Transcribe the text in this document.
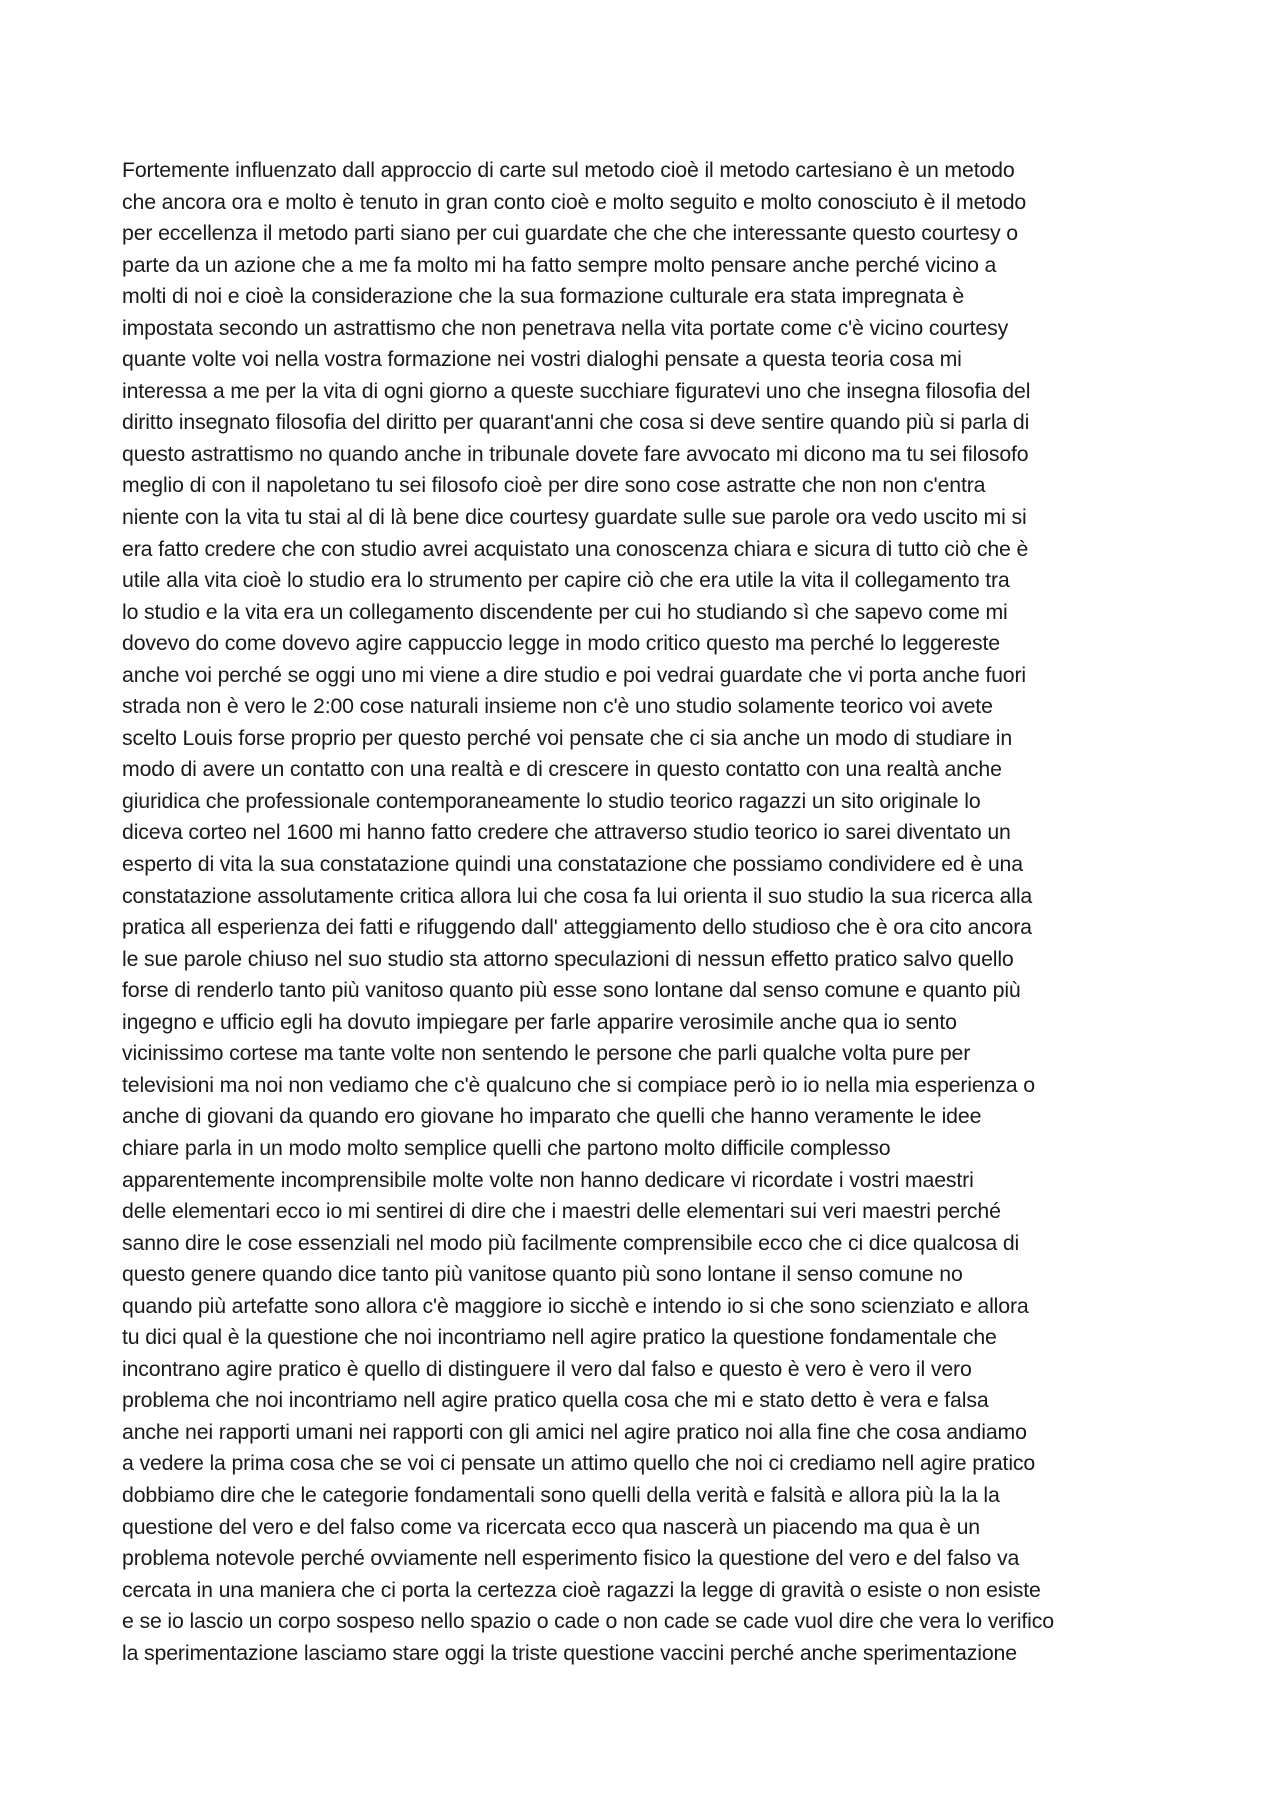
Fortemente influenzato dall approccio di carte sul metodo cioè il metodo cartesiano è un metodo
che ancora ora e molto è tenuto in gran conto cioè e molto seguito e molto conosciuto è il metodo
per eccellenza il metodo parti siano per cui guardate che che che interessante questo courtesy o
parte da un azione che a me fa molto mi ha fatto sempre molto pensare anche perché vicino a
molti di noi e cioè la considerazione che la sua formazione culturale era stata impregnata è
impostata secondo un astrattismo che non penetrava nella vita portate come c'è vicino courtesy
quante volte voi nella vostra formazione nei vostri dialoghi pensate a questa teoria cosa mi
interessa a me per la vita di ogni giorno a queste succhiare figuratevi uno che insegna filosofia del
diritto insegnato filosofia del diritto per quarant'anni che cosa si deve sentire quando più si parla di
questo astrattismo no quando anche in tribunale dovete fare avvocato mi dicono ma tu sei filosofo
meglio di con il napoletano tu sei filosofo cioè per dire sono cose astratte che non non c'entra
niente con la vita tu stai al di là bene dice courtesy guardate sulle sue parole ora vedo uscito mi si
era fatto credere che con studio avrei acquistato una conoscenza chiara e sicura di tutto ciò che è
utile alla vita cioè lo studio era lo strumento per capire ciò che era utile la vita il collegamento tra
lo studio e la vita era un collegamento discendente per cui ho studiando sì che sapevo come mi
dovevo do come dovevo agire cappuccio legge in modo critico questo ma perché lo leggereste
anche voi perché se oggi uno mi viene a dire studio e poi vedrai guardate che vi porta anche fuori
strada non è vero le 2:00 cose naturali insieme non c'è uno studio solamente teorico voi avete
scelto Louis forse proprio per questo perché voi pensate che ci sia anche un modo di studiare in
modo di avere un contatto con una realtà e di crescere in questo contatto con una realtà anche
giuridica che professionale contemporaneamente lo studio teorico ragazzi un sito originale lo
diceva corteo nel 1600 mi hanno fatto credere che attraverso studio teorico io sarei diventato un
esperto di vita la sua constatazione quindi una constatazione che possiamo condividere ed è una
constatazione assolutamente critica allora lui che cosa fa lui orienta il suo studio la sua ricerca alla
pratica all esperienza dei fatti e rifuggendo dall' atteggiamento dello studioso che è ora cito ancora
le sue parole chiuso nel suo studio sta attorno speculazioni di nessun effetto pratico salvo quello
forse di renderlo tanto più vanitoso quanto più esse sono lontane dal senso comune e quanto più
ingegno e ufficio egli ha dovuto impiegare per farle apparire verosimile anche qua io sento
vicinissimo cortese ma tante volte non sentendo le persone che parli qualche volta pure per
televisioni ma noi non vediamo che c'è qualcuno che si compiace però io io nella mia esperienza o
anche di giovani da quando ero giovane ho imparato che quelli che hanno veramente le idee
chiare parla in un modo molto semplice quelli che partono molto difficile complesso
apparentemente incomprensibile molte volte non hanno dedicare vi ricordate i vostri maestri
delle elementari ecco io mi sentirei di dire che i maestri delle elementari sui veri maestri perché
sanno dire le cose essenziali nel modo più facilmente comprensibile ecco che ci dice qualcosa di
questo genere quando dice tanto più vanitose quanto più sono lontane il senso comune no
quando più artefatte sono allora c'è maggiore io sicchè e intendo io si che sono scienziato e allora
tu dici qual è la questione che noi incontriamo nell agire pratico la questione fondamentale che
incontrano agire pratico è quello di distinguere il vero dal falso e questo è vero è vero il vero
problema che noi incontriamo nell agire pratico quella cosa che mi e stato detto è vera e falsa
anche nei rapporti umani nei rapporti con gli amici nel agire pratico noi alla fine che cosa andiamo
a vedere la prima cosa che se voi ci pensate un attimo quello che noi ci crediamo nell agire pratico
dobbiamo dire che le categorie fondamentali sono quelli della verità e falsità e allora più la la la
questione del vero e del falso come va ricercata ecco qua nascerà un piacendo ma qua è un
problema notevole perché ovviamente nell esperimento fisico la questione del vero e del falso va
cercata in una maniera che ci porta la certezza cioè ragazzi la legge di gravità o esiste o non esiste
e se io lascio un corpo sospeso nello spazio o cade o non cade se cade vuol dire che vera lo verifico
la sperimentazione lasciamo stare oggi la triste questione vaccini perché anche sperimentazione
